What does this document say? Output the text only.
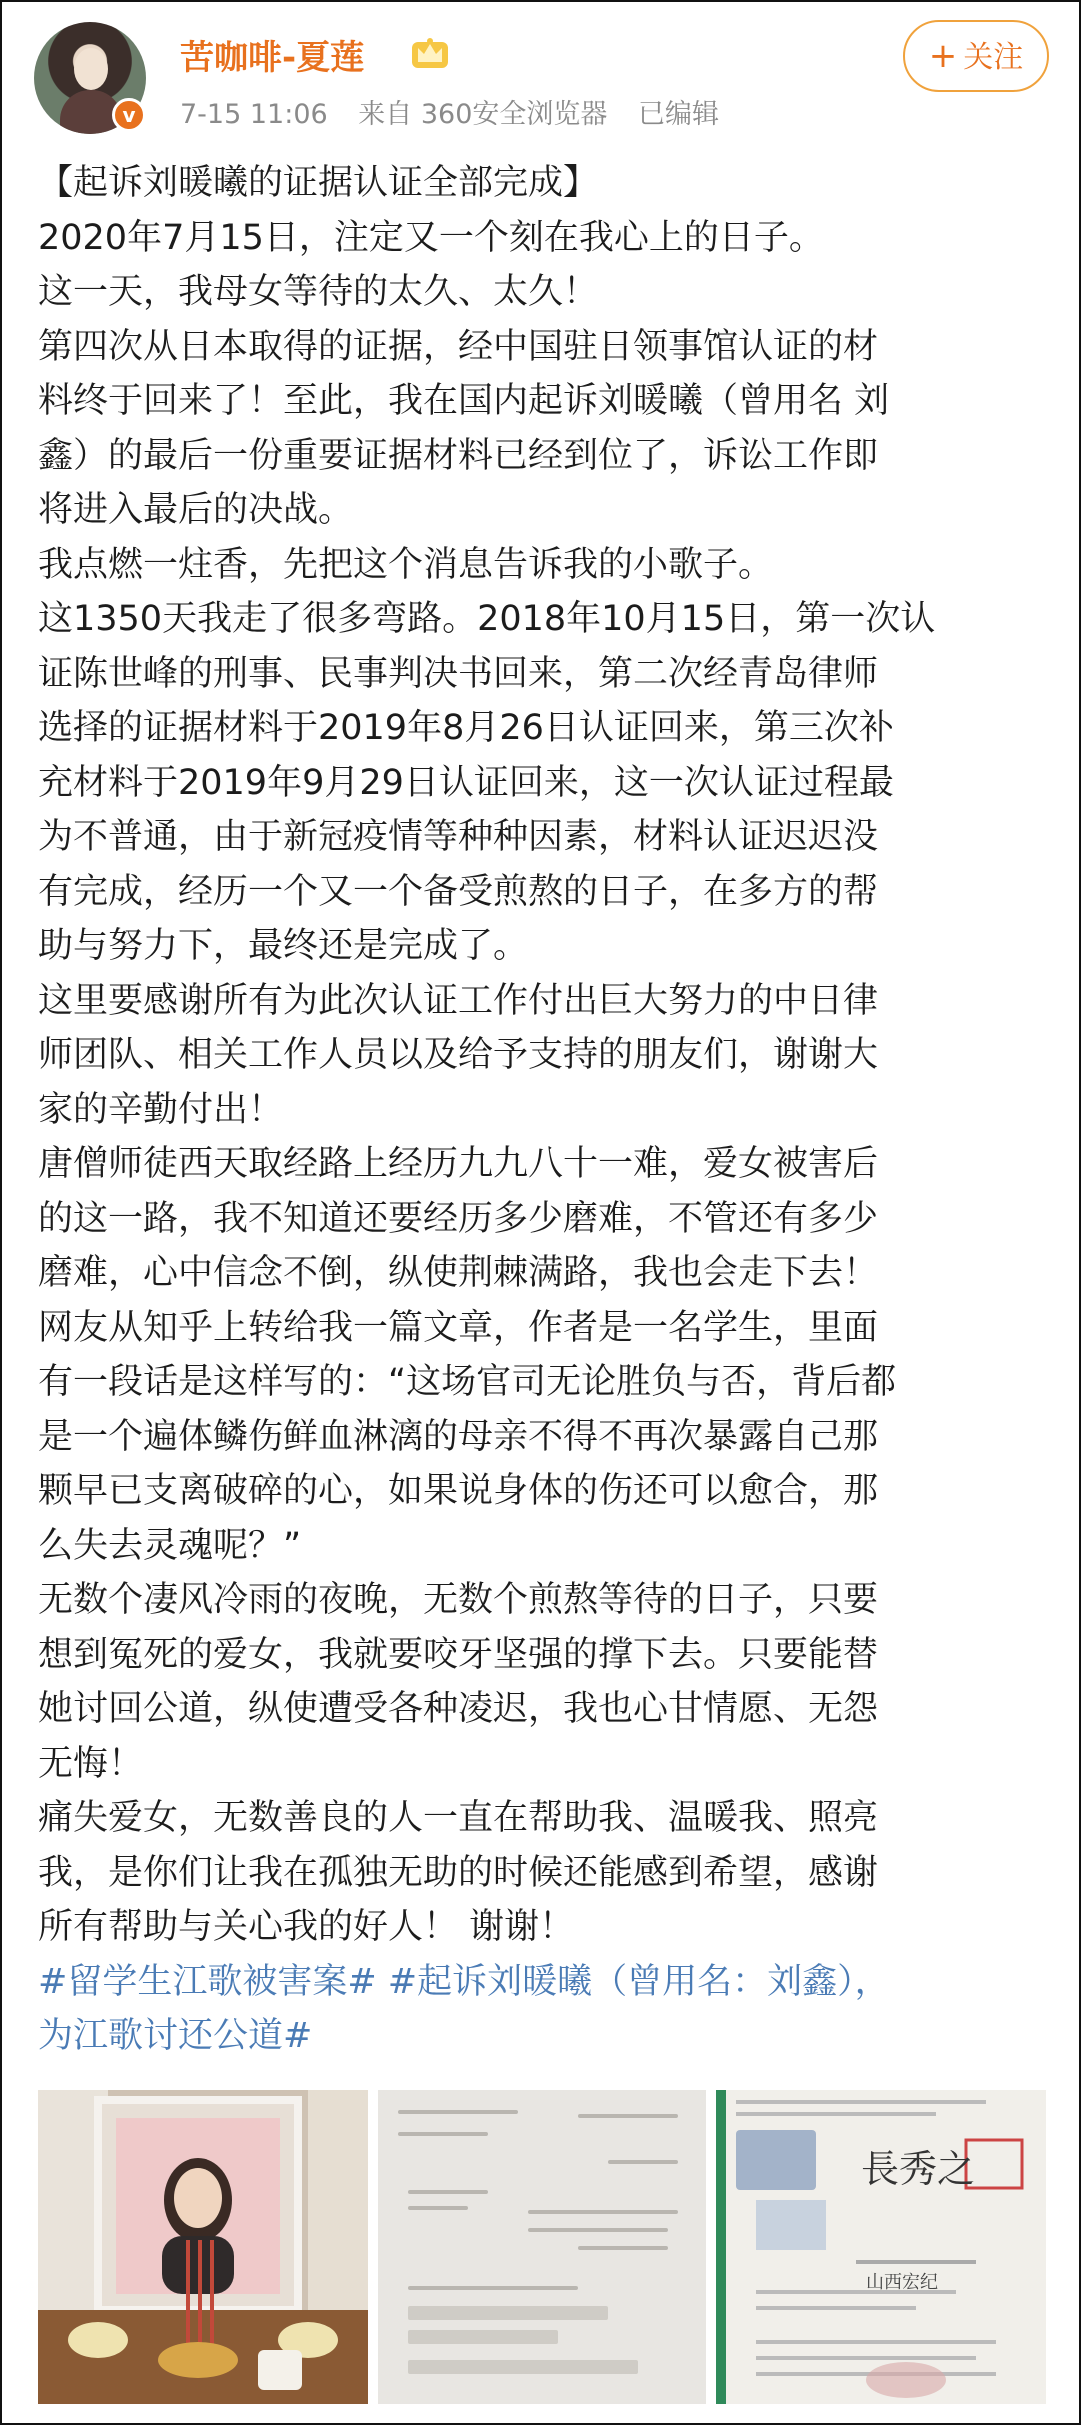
v
苦咖啡-夏莲
7-15 11:06 来自 360安全浏览器 已编辑
+ 关注

【起诉刘暖曦的证据认证全部完成】

2020年7月15日，注定又一个刻在我心上的日子。

这一天，我母女等待的太久、太久！

第四次从日本取得的证据，经中国驻日领事馆认证的材

料终于回来了！至此，我在国内起诉刘暖曦（曾用名 刘

鑫）的最后一份重要证据材料已经到位了，诉讼工作即

将进入最后的决战。

我点燃一炷香，先把这个消息告诉我的小歌子。

这1350天我走了很多弯路。2018年10月15日，第一次认

证陈世峰的刑事、民事判决书回来，第二次经青岛律师

选择的证据材料于2019年8月26日认证回来，第三次补

充材料于2019年9月29日认证回来，这一次认证过程最

为不普通，由于新冠疫情等种种因素，材料认证迟迟没

有完成，经历一个又一个备受煎熬的日子，在多方的帮

助与努力下，最终还是完成了。

这里要感谢所有为此次认证工作付出巨大努力的中日律

师团队、相关工作人员以及给予支持的朋友们，谢谢大

家的辛勤付出！

唐僧师徒西天取经路上经历九九八十一难，爱女被害后

的这一路，我不知道还要经历多少磨难，不管还有多少

磨难，心中信念不倒，纵使荆棘满路，我也会走下去！

网友从知乎上转给我一篇文章，作者是一名学生，里面

有一段话是这样写的：“这场官司无论胜负与否，背后都

是一个遍体鳞伤鲜血淋漓的母亲不得不再次暴露自己那

颗早已支离破碎的心，如果说身体的伤还可以愈合，那

么失去灵魂呢？”

无数个凄风冷雨的夜晚，无数个煎熬等待的日子，只要

想到冤死的爱女，我就要咬牙坚强的撑下去。只要能替

她讨回公道，纵使遭受各种凌迟，我也心甘情愿、无怨

无悔！

痛失爱女，无数善良的人一直在帮助我、温暖我、照亮

我，是你们让我在孤独无助的时候还能感到希望，感谢

所有帮助与关心我的好人！ 谢谢！

#留学生江歌被害案# #起诉刘暖曦（曾用名：刘鑫），

为江歌讨还公道#

長秀之
山西宏纪
